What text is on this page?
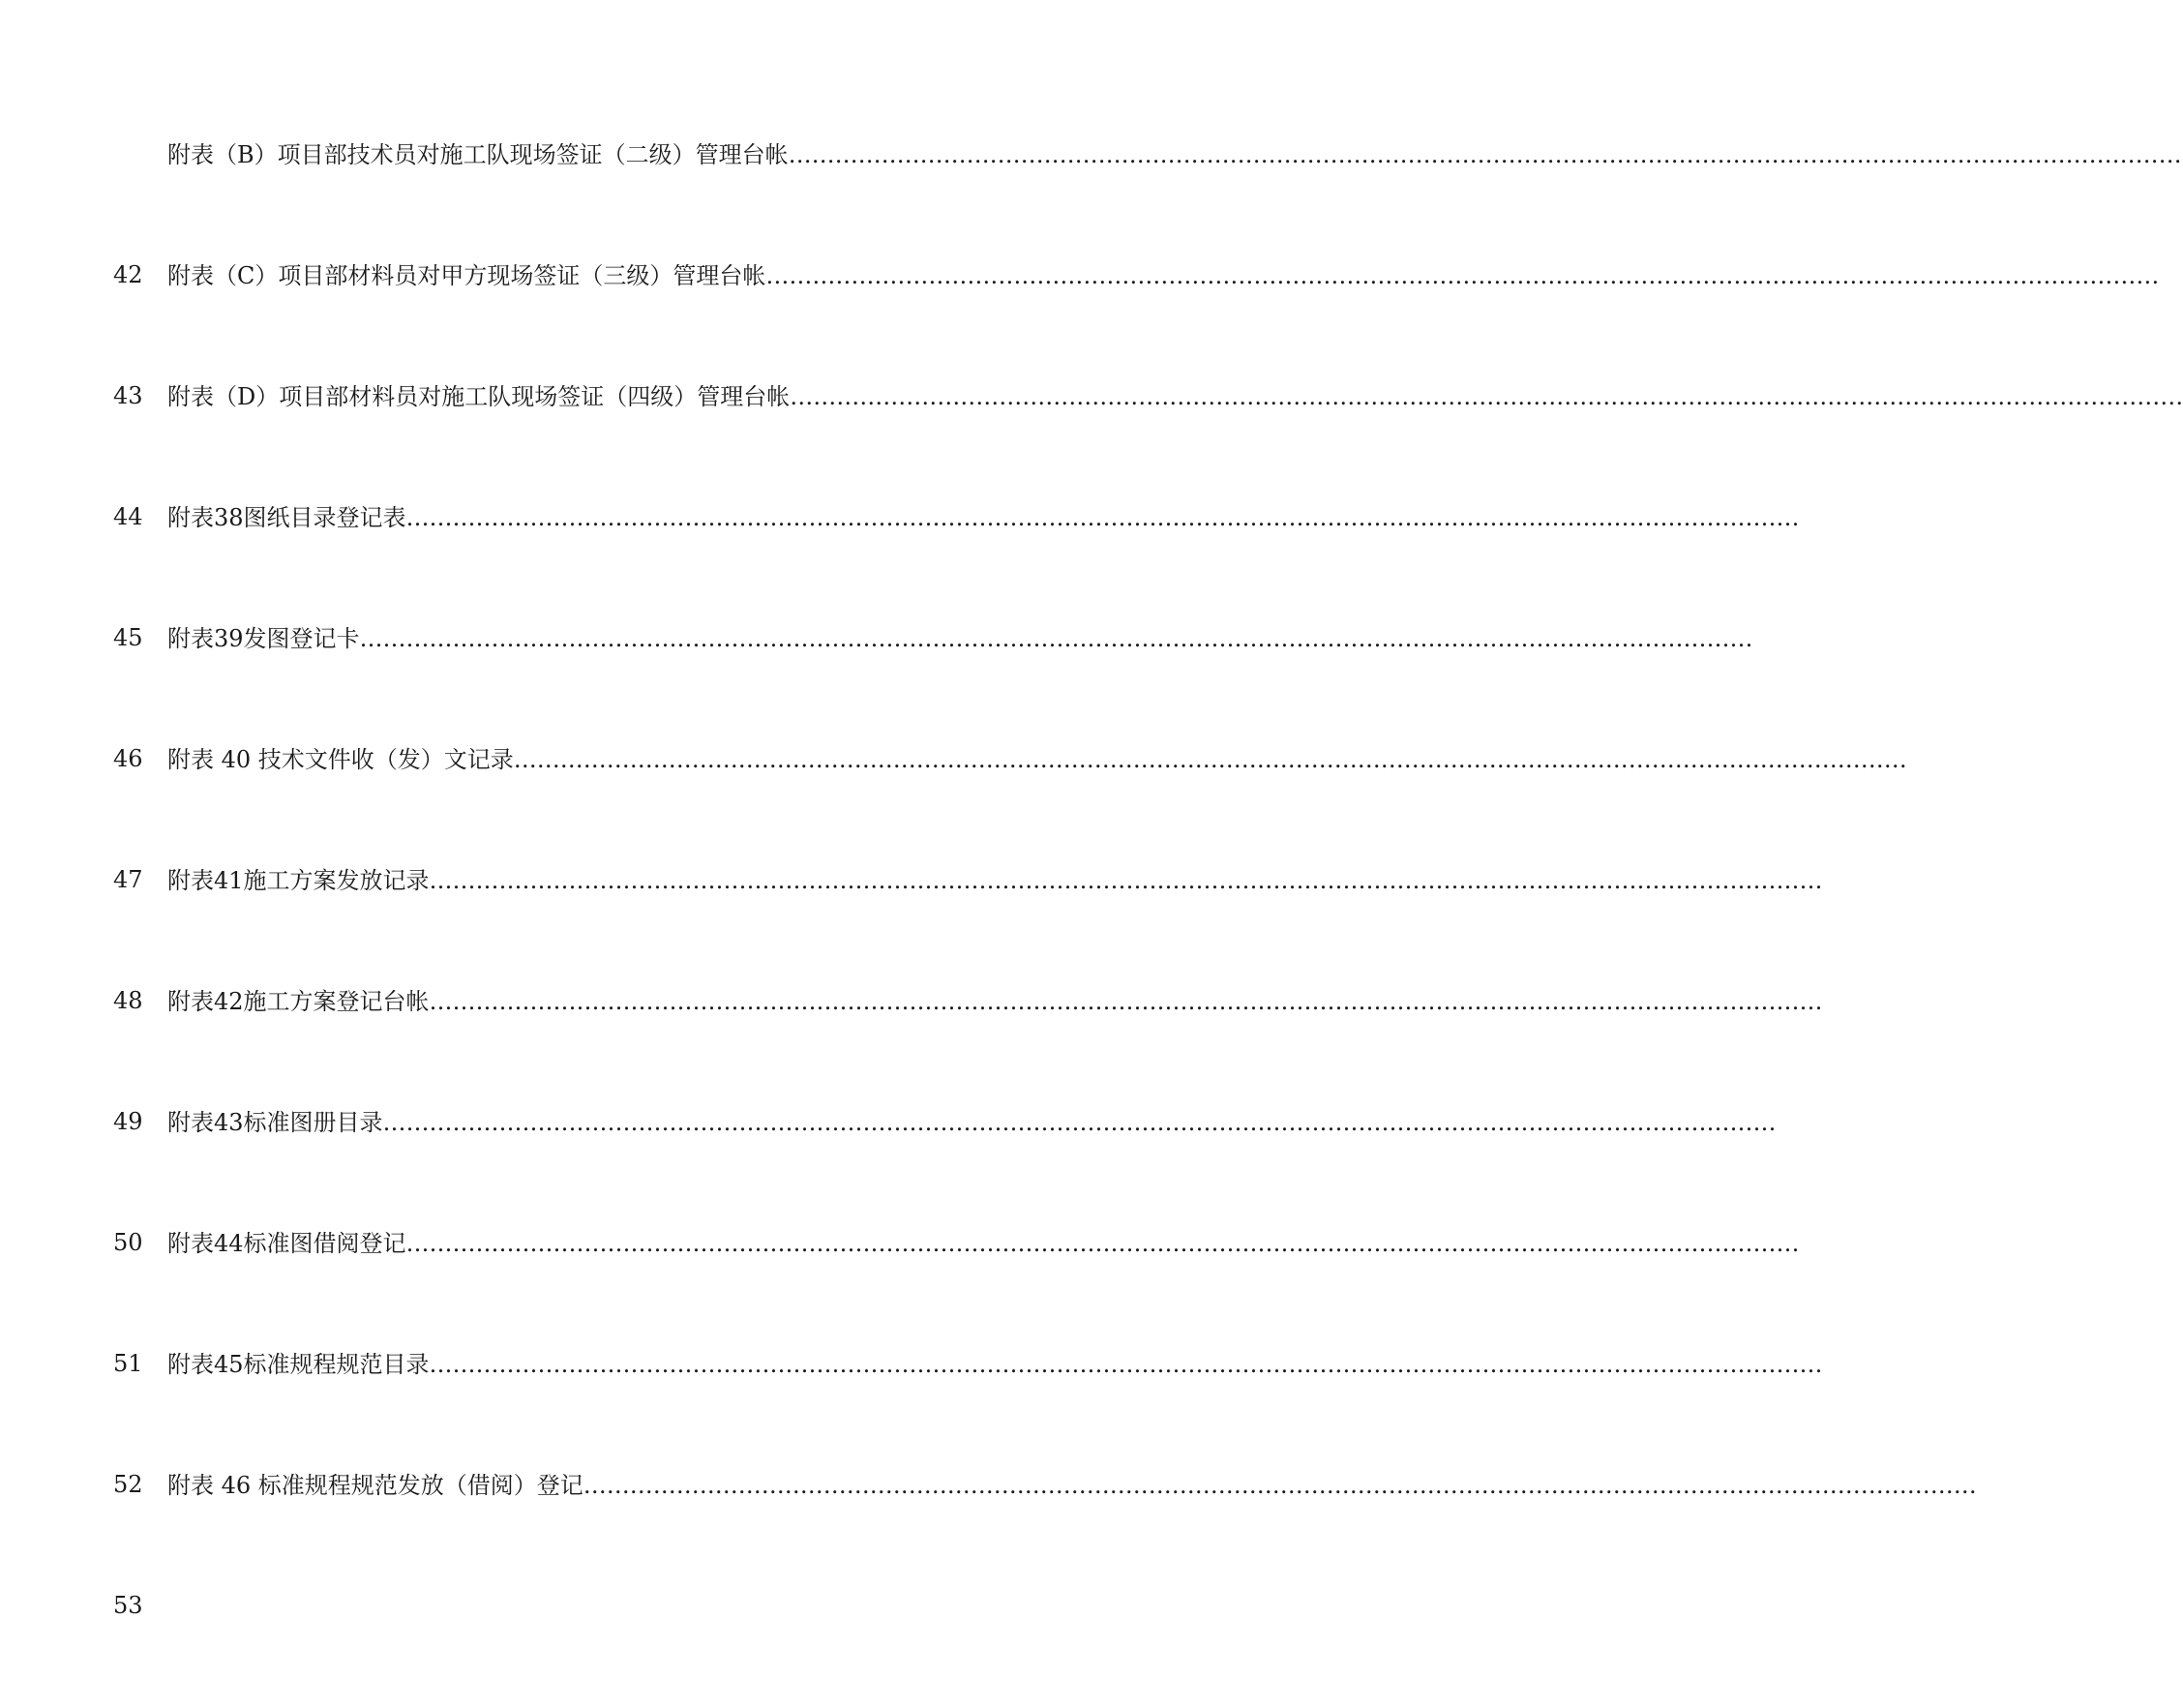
附表（B）项目部技术员对施工队现场签证（二级）管理台帐 ………………………………………………………………………………………………………………………………………………………………
42 附表（C）项目部材料员对甲方现场签证（三级）管理台帐 ………………………………………………………………………………………………………………………………………………………………
43 附表（D）项目部材料员对施工队现场签证（四级）管理台帐 ………………………………………………………………………………………………………………………………………………………………
44 附表38图纸目录登记表 ………………………………………………………………………………………………………………………………………………………………
45 附表39发图登记卡 ………………………………………………………………………………………………………………………………………………………………
46 附表 40 技术文件收（发）文记录 ………………………………………………………………………………………………………………………………………………………………
47 附表41施工方案发放记录 ………………………………………………………………………………………………………………………………………………………………
48 附表42施工方案登记台帐 ………………………………………………………………………………………………………………………………………………………………
49 附表43标准图册目录 ………………………………………………………………………………………………………………………………………………………………
50 附表44标准图借阅登记 ………………………………………………………………………………………………………………………………………………………………
51 附表45标准规程规范目录 ………………………………………………………………………………………………………………………………………………………………
52 附表 46 标准规程规范发放（借阅）登记 ………………………………………………………………………………………………………………………………………………………………
53
